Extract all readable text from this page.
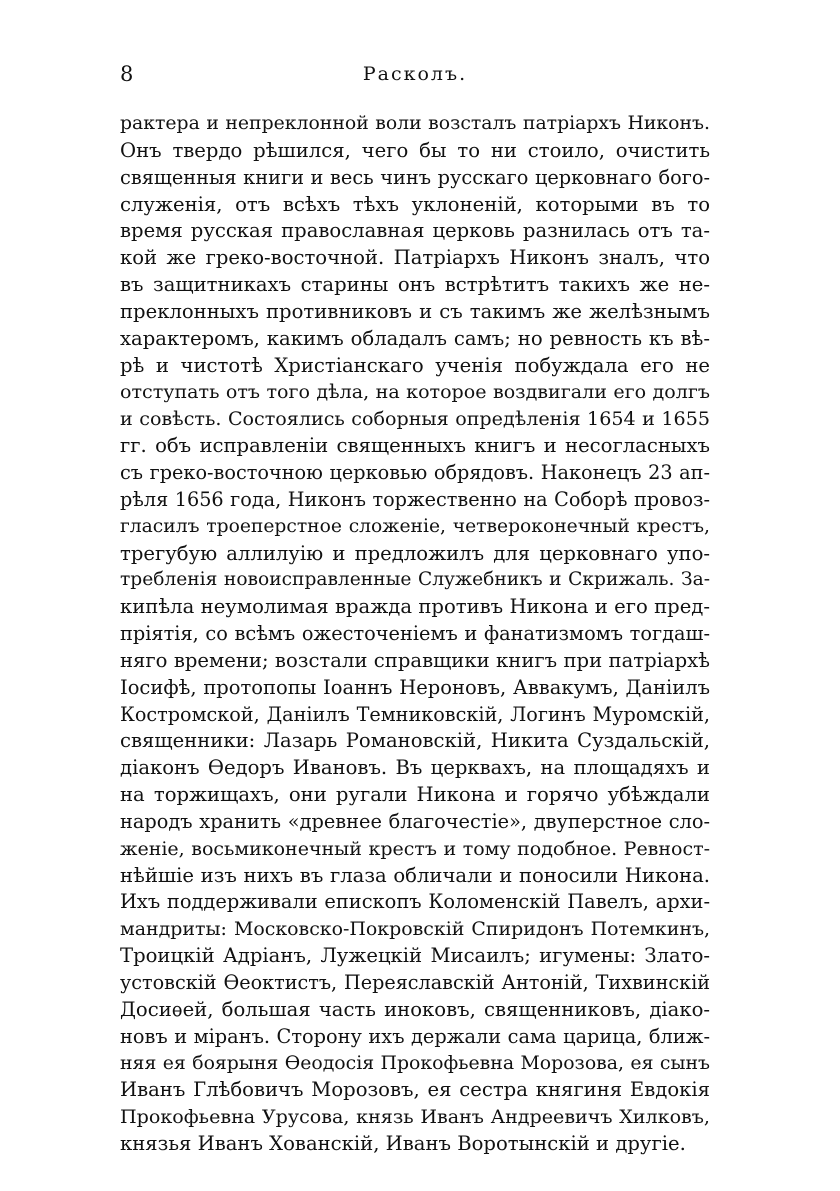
8	Расколъ.
рактера и непреклонной воли возсталъ патріархъ Никонъ.
Онъ твердо рѣшился, чего бы то ни стоило, очистить
священныя книги и весь чинъ русскаго церковнаго бого-
служенія, отъ всѣхъ тѣхъ уклоненій, которыми въ то
время русская православная церковь разнилась отъ та-
кой же греко-восточной. Патріархъ Никонъ зналъ, что
въ защитникахъ старины онъ встрѣтитъ такихъ же не-
преклонныхъ противниковъ и съ такимъ же желѣзнымъ
характеромъ, какимъ обладалъ самъ; но ревность къ вѣ-
рѣ и чистотѣ Христіанскаго ученія побуждала его не
отступать отъ того дѣла, на которое воздвигали его долгъ
и совѣсть. Состоялись соборныя опредѣленія 1654 и 1655
гг. объ исправленіи священныхъ книгъ и несогласныхъ
съ греко-восточною церковью обрядовъ. Наконецъ 23 ап-
рѣля 1656 года, Никонъ торжественно на Соборѣ провоз-
гласилъ троеперстное сложеніе, четвероконечный крестъ,
трегубую аллилуію и предложилъ для церковнаго упо-
требленія новоисправленные Служебникъ и Скрижаль. За-
кипѣла неумолимая вражда противъ Никона и его пред-
пріятія, со всѣмъ ожесточеніемъ и фанатизмомъ тогдаш-
няго времени; возстали справщики книгъ при патріархѣ
Іосифѣ, протопопы Іоаннъ Нероновъ, Аввакумъ, Даніилъ
Костромской, Даніилъ Темниковскій, Логинъ Муромскій,
священники: Лазарь Романовскій, Никита Суздальскій,
діаконъ Ѳедоръ Ивановъ. Въ церквахъ, на площадяхъ и
на торжищахъ, они ругали Никона и горячо убѣждали
народъ хранить «древнее благочестіе», двуперстное сло-
женіе, восьмиконечный крестъ и тому подобное. Ревност-
нѣйшіе изъ нихъ въ глаза обличали и поносили Никона.
Ихъ поддерживали епископъ Коломенскій Павелъ, архи-
мандриты: Московско-Покровскій Спиридонъ Потемкинъ,
Троицкій Адріанъ, Лужецкій Мисаилъ; игумены: Злато-
устовскій Ѳеоктистъ, Переяславскій Антоній, Тихвинскій
Досиѳей, большая часть иноковъ, священниковъ, діако-
новъ и міранъ. Сторону ихъ держали сама царица, ближ-
няя ея боярыня Ѳеодосія Прокофьевна Морозова, ея сынъ
Иванъ Глѣбовичъ Морозовъ, ея сестра княгиня Евдокія
Прокофьевна Урусова, князь Иванъ Андреевичъ Хилковъ,
князья Иванъ Хованскій, Иванъ Воротынскій и другіе.
